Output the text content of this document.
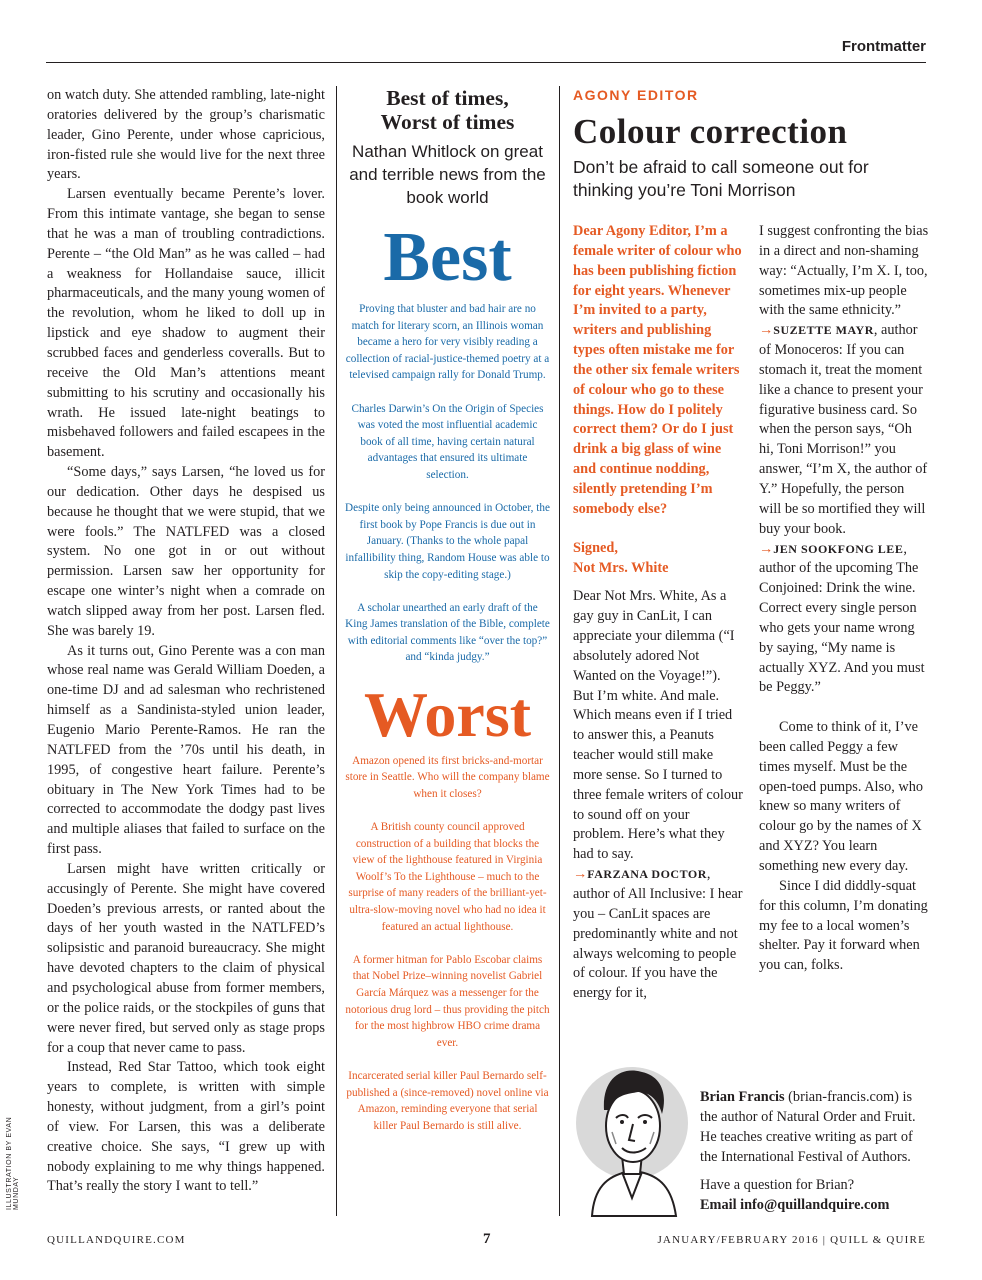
Frontmatter

on watch duty. She attended rambling, late-night oratories delivered by the group’s charismatic leader, Gino Perente, under whose capricious, iron-fisted rule she would live for the next three years.

Larsen eventually became Perente’s lover. From this intimate vantage, she began to sense that he was a man of troubling contradictions. Perente – “the Old Man” as he was called – had a weakness for Hollandaise sauce, illicit pharmaceuticals, and the many young women of the revolution, whom he liked to doll up in lipstick and eye shadow to augment their scrubbed faces and genderless coveralls. But to receive the Old Man’s attentions meant submitting to his scrutiny and occasionally his wrath. He issued late-night beatings to misbehaved followers and failed escapees in the basement.

“Some days,” says Larsen, “he loved us for our dedication. Other days he despised us because he thought that we were stupid, that we were fools.” The NATLFED was a closed system. No one got in or out without permission. Larsen saw her opportunity for escape one winter’s night when a comrade on watch slipped away from her post. Larsen fled. She was barely 19.

As it turns out, Gino Perente was a con man whose real name was Gerald William Doeden, a one-time DJ and ad salesman who rechristened himself as a Sandinista-styled union leader, Eugenio Mario Perente-Ramos. He ran the NATLFED from the ’70s until his death, in 1995, of congestive heart failure. Perente’s obituary in The New York Times had to be corrected to accommodate the dodgy past lives and multiple aliases that failed to surface on the first pass.

Larsen might have written critically or accusingly of Perente. She might have covered Doeden’s previous arrests, or ranted about the days of her youth wasted in the NATLFED’s solipsistic and paranoid bureaucracy. She might have devoted chapters to the claim of physical and psychological abuse from former members, or the police raids, or the stockpiles of guns that were never fired, but served only as stage props for a coup that never came to pass.

Instead, Red Star Tattoo, which took eight years to complete, is written with simple honesty, without judgment, from a girl’s point of view. For Larsen, this was a deliberate creative choice. She says, “I grew up with nobody explaining to me why things happened. That’s really the story I want to tell.”

Best of times,
Worst of times
Nathan Whitlock on great and terrible news from the book world
Best

Proving that bluster and bad hair are no match for literary scorn, an Illinois woman became a hero for very visibly reading a collection of racial-justice-themed poetry at a televised campaign rally for Donald Trump.

Charles Darwin’s On the Origin of Species was voted the most influential academic book of all time, having certain natural advantages that ensured its ultimate selection.

Despite only being announced in October, the first book by Pope Francis is due out in January. (Thanks to the whole papal infallibility thing, Random House was able to skip the copy-editing stage.)

A scholar unearthed an early draft of the King James translation of the Bible, complete with editorial comments like “over the top?” and “kinda judgy.”

Worst

Amazon opened its first bricks-and-mortar store in Seattle. Who will the company blame when it closes?

A British county council approved construction of a building that blocks the view of the lighthouse featured in Virginia Woolf’s To the Lighthouse – much to the surprise of many readers of the brilliant-yet-ultra-slow-moving novel who had no idea it featured an actual lighthouse.

A former hitman for Pablo Escobar claims that Nobel Prize–winning novelist Gabriel García Márquez was a messenger for the notorious drug lord – thus providing the pitch for the most highbrow HBO crime drama ever.

Incarcerated serial killer Paul Bernardo self-published a (since-removed) novel online via Amazon, reminding everyone that serial killer Paul Bernardo is still alive.

AGONY EDITOR
Colour correction
Don’t be afraid to call someone out for thinking you’re Toni Morrison

Dear Agony Editor, I’m a female writer of colour who has been publishing fiction for eight years. Whenever I’m invited to a party, writers and publishing types often mistake me for the other six female writers of colour who go to these things. How do I politely correct them? Or do I just drink a big glass of wine and continue nodding, silently pretending I’m somebody else?

Signed,
Not Mrs. White

Dear Not Mrs. White, As a gay guy in CanLit, I can appreciate your dilemma (“I absolutely adored Not Wanted on the Voyage!”). But I’m white. And male. Which means even if I tried to answer this, a Peanuts teacher would still make more sense. So I turned to three female writers of colour to sound off on your problem. Here’s what they had to say.

→FARZANA DOCTOR, author of All Inclusive: I hear you – CanLit spaces are predominantly white and not always welcoming to people of colour. If you have the energy for it,

I suggest confronting the bias in a direct and non-shaming way: “Actually, I’m X. I, too, sometimes mix-up people with the same ethnicity.”

→SUZETTE MAYR, author of Monoceros: If you can stomach it, treat the moment like a chance to present your figurative business card. So when the person says, “Oh hi, Toni Morrison!” you answer, “I’m X, the author of Y.” Hopefully, the person will be so mortified they will buy your book.

→JEN SOOKFONG LEE, author of the upcoming The Conjoined: Drink the wine. Correct every single person who gets your name wrong by saying, “My name is actually XYZ. And you must be Peggy.”

Come to think of it, I’ve been called Peggy a few times myself. Must be the open-toed pumps. Also, who knew so many writers of colour go by the names of X and XYZ? You learn something new every day.

Since I did diddly-squat for this column, I’m donating my fee to a local women’s shelter. Pay it forward when you can, folks.

Brian Francis (brian-francis.com) is the author of Natural Order and Fruit. He teaches creative writing as part of the International Festival of Authors.

Have a question for Brian?

Email info@quillandquire.com

ILLUSTRATION BY EVAN MUNDAY
QUILLANDQUIRE.COM	7	JANUARY/FEBRUARY 2016 | QUILL & QUIRE
